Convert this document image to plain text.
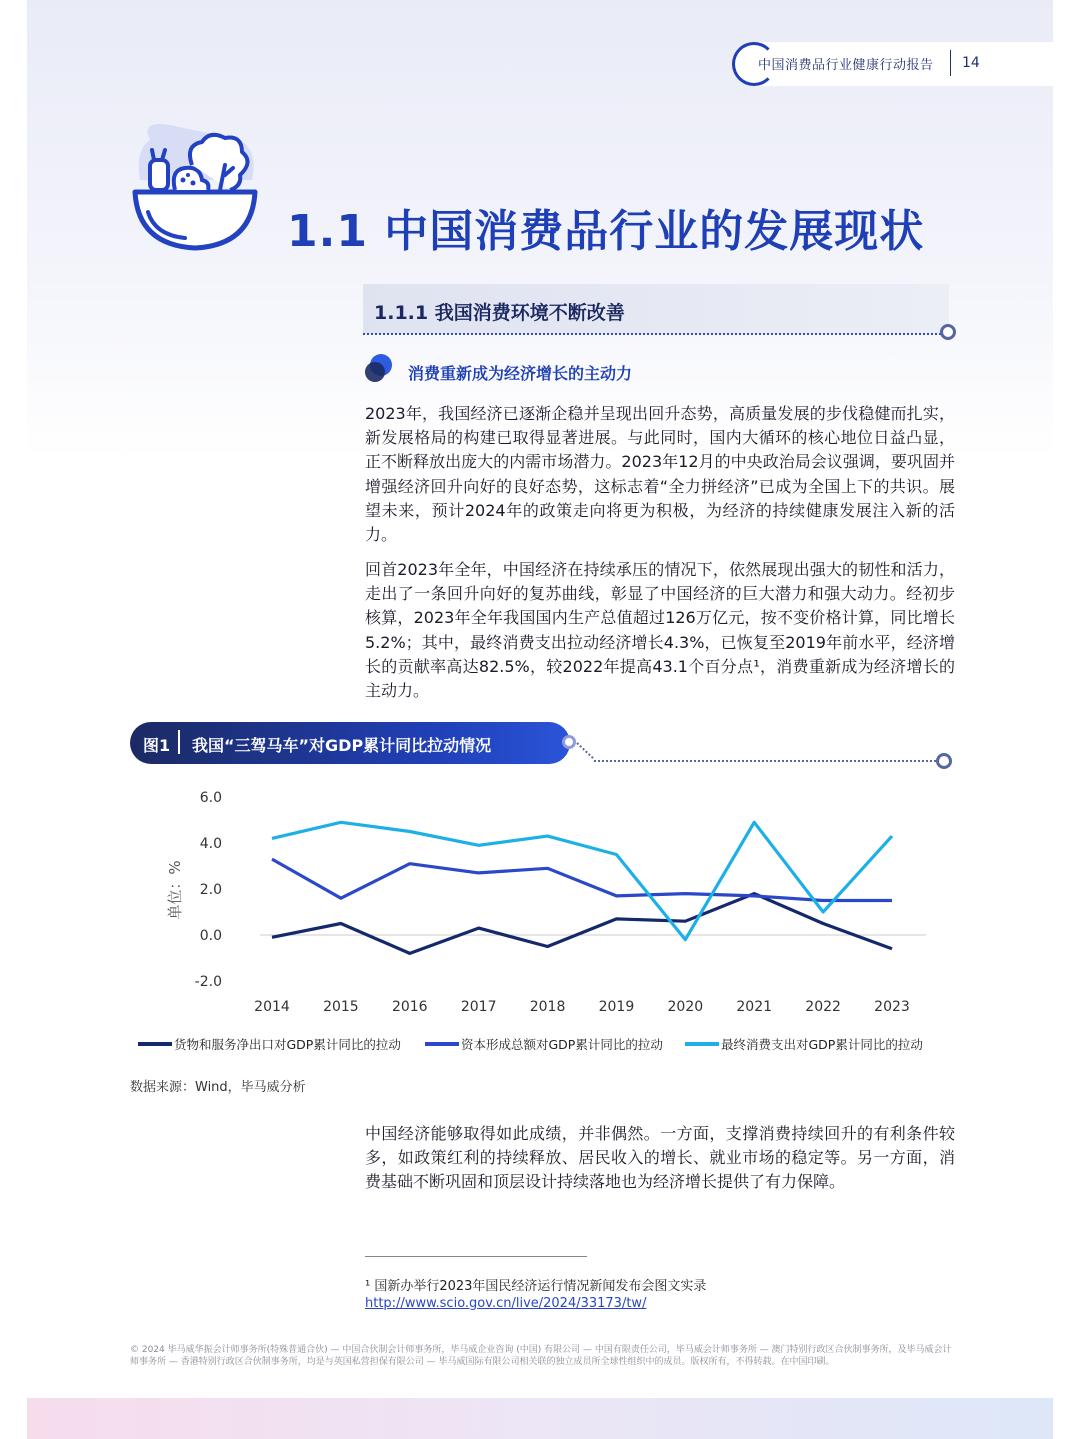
中国消费品行业健康行动报告 14
1.1 中国消费品行业的发展现状
1.1.1 我国消费环境不断改善
消费重新成为经济增长的主动力

2023年，我国经济已逐渐企稳并呈现出回升态势，高质量发展的步伐稳健而扎实，新发展格局的构建已取得显著进展。与此同时，国内大循环的核心地位日益凸显，正不断释放出庞大的内需市场潜力。2023年12月的中央政治局会议强调，要巩固并增强经济回升向好的良好态势，这标志着“全力拼经济”已成为全国上下的共识。展望未来，预计2024年的政策走向将更为积极，为经济的持续健康发展注入新的活力。

回首2023年全年，中国经济在持续承压的情况下，依然展现出强大的韧性和活力，走出了一条回升向好的复苏曲线，彰显了中国经济的巨大潜力和强大动力。经初步核算，2023年全年我国国内生产总值超过126万亿元，按不变价格计算，同比增长5.2%；其中，最终消费支出拉动经济增长4.3%，已恢复至2019年前水平，经济增长的贡献率高达82.5%，较2022年提高43.1个百分点¹，消费重新成为经济增长的主动力。

图1 我国“三驾马车”对GDP累计同比拉动情况
6.0
4.0
2.0
0.0
-2.0
2014 2015 2016 2017 2018 2019 2020 2021 2022 2023
单位：%
货物和服务净出口对GDP累计同比的拉动	资本形成总额对GDP累计同比的拉动	最终消费支出对GDP累计同比的拉动
数据来源：Wind，毕马威分析

中国经济能够取得如此成绩，并非偶然。一方面，支撑消费持续回升的有利条件较多，如政策红利的持续释放、居民收入的增长、就业市场的稳定等。另一方面，消费基础不断巩固和顶层设计持续落地也为经济增长提供了有力保障。

¹ 国新办举行2023年国民经济运行情况新闻发布会图文实录
http://www.scio.gov.cn/live/2024/33173/tw/

© 2024 毕马威华振会计师事务所(特殊普通合伙) — 中国合伙制会计师事务所，毕马威企业咨询 (中国) 有限公司 — 中国有限责任公司，毕马威会计师事务所 — 澳门特别行政区合伙制事务所，及毕马威会计师事务所 — 香港特别行政区合伙制事务所，均是与英国私营担保有限公司 — 毕马威国际有限公司相关联的独立成员所全球性组织中的成员。版权所有，不得转载。在中国印刷。
